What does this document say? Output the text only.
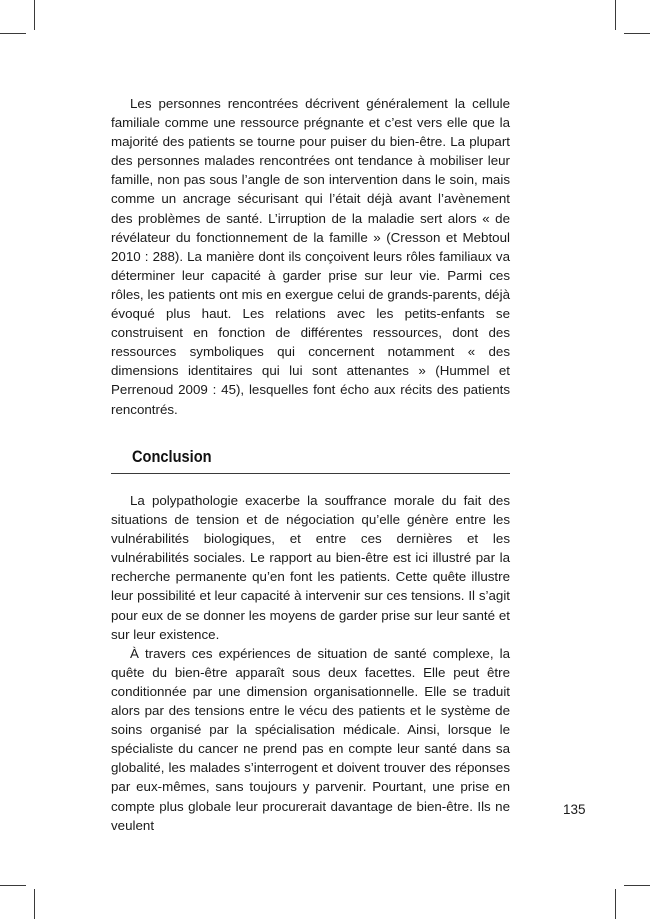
Les personnes rencontrées décrivent généralement la cellule familiale comme une ressource prégnante et c’est vers elle que la majorité des patients se tourne pour puiser du bien-être. La plupart des personnes malades rencontrées ont tendance à mobiliser leur famille, non pas sous l’angle de son intervention dans le soin, mais comme un ancrage sécurisant qui l’était déjà avant l’avènement des problèmes de santé. L’irruption de la maladie sert alors « de révélateur du fonctionnement de la famille » (Cresson et Mebtoul 2010 : 288). La manière dont ils conçoivent leurs rôles familiaux va déterminer leur capacité à garder prise sur leur vie. Parmi ces rôles, les patients ont mis en exergue celui de grands-parents, déjà évoqué plus haut. Les relations avec les petits-enfants se construisent en fonction de différentes ressources, dont des ressources symboliques qui concernent notamment « des dimensions identitaires qui lui sont attenantes » (Hummel et Perrenoud 2009 : 45), lesquelles font écho aux récits des patients rencontrés.

Conclusion

La polypathologie exacerbe la souffrance morale du fait des situations de tension et de négociation qu’elle génère entre les vulnérabilités biologiques, et entre ces dernières et les vulnérabilités sociales. Le rapport au bien-être est ici illustré par la recherche permanente qu’en font les patients. Cette quête illustre leur possibilité et leur capacité à intervenir sur ces tensions. Il s’agit pour eux de se donner les moyens de garder prise sur leur santé et sur leur existence.

À travers ces expériences de situation de santé complexe, la quête du bien-être apparaît sous deux facettes. Elle peut être conditionnée par une dimension organisationnelle. Elle se traduit alors par des tensions entre le vécu des patients et le système de soins organisé par la spécialisation médicale. Ainsi, lorsque le spécialiste du cancer ne prend pas en compte leur santé dans sa globalité, les malades s’interrogent et doivent trouver des réponses par eux-mêmes, sans toujours y parvenir. Pourtant, une prise en compte plus globale leur procurerait davantage de bien-être. Ils ne veulent

135
